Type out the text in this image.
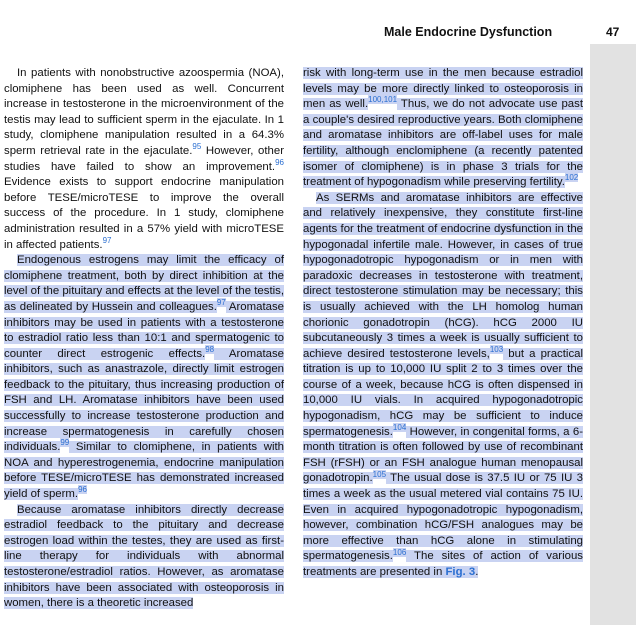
Male Endocrine Dysfunction	47

In patients with nonobstructive azoospermia (NOA), clomiphene has been used as well. Concurrent increase in testosterone in the microenvironment of the testis may lead to sufficient sperm in the ejaculate. In 1 study, clomiphene manipulation resulted in a 64.3% sperm retrieval rate in the ejaculate.$^{95}$ However, other studies have failed to show an improvement.$^{96}$ Evidence exists to support endocrine manipulation before TESE/microTESE to improve the overall success of the procedure. In 1 study, clomiphene administration resulted in a 57% yield with microTESE in affected patients.$^{97}$

Endogenous estrogens may limit the efficacy of clomiphene treatment, both by direct inhibition at the level of the pituitary and effects at the level of the testis, as delineated by Hussein and colleagues.$^{97}$ Aromatase inhibitors may be used in patients with a testosterone to estradiol ratio less than 10:1 and spermatogenic to counter direct estrogenic effects.$^{98}$ Aromatase inhibitors, such as anastrazole, directly limit estrogen feedback to the pituitary, thus increasing production of FSH and LH. Aromatase inhibitors have been used successfully to increase testosterone production and increase spermatogenesis in carefully chosen individuals.$^{99}$ Similar to clomiphene, in patients with NOA and hyperestrogenemia, endocrine manipulation before TESE/microTESE has demonstrated increased yield of sperm.$^{96}$

Because aromatase inhibitors directly decrease estradiol feedback to the pituitary and decrease estrogen load within the testes, they are used as first-line therapy for individuals with abnormal testosterone/estradiol ratios. However, as aromatase inhibitors have been associated with osteoporosis in women, there is a theoretic increased

risk with long-term use in the men because estradiol levels may be more directly linked to osteoporosis in men as well.$^{100,101}$ Thus, we do not advocate use past a couple's desired reproductive years. Both clomiphene and aromatase inhibitors are off-label uses for male fertility, although enclomiphene (a recently patented isomer of clomiphene) is in phase 3 trials for the treatment of hypogonadism while preserving fertility.$^{102}$

As SERMs and aromatase inhibitors are effective and relatively inexpensive, they constitute first-line agents for the treatment of endocrine dysfunction in the hypogonadal infertile male. However, in cases of true hypogonadotropic hypogonadism or in men with paradoxic decreases in testosterone with treatment, direct testosterone stimulation may be necessary; this is usually achieved with the LH homolog human chorionic gonadotropin (hCG). hCG 2000 IU subcutaneously 3 times a week is usually sufficient to achieve desired testosterone levels,$^{103}$ but a practical titration is up to 10,000 IU split 2 to 3 times over the course of a week, because hCG is often dispensed in 10,000 IU vials. In acquired hypogonadotropic hypogonadism, hCG may be sufficient to induce spermatogenesis.$^{104}$ However, in congenital forms, a 6-month titration is often followed by use of recombinant FSH (rFSH) or an FSH analogue human menopausal gonadotropin.$^{105}$ The usual dose is 37.5 IU or 75 IU 3 times a week as the usual metered vial contains 75 IU. Even in acquired hypogonadotropic hypogonadism, however, combination hCG/FSH analogues may be more effective than hCG alone in stimulating spermatogenesis.$^{106}$ The sites of action of various treatments are presented in Fig. 3.
